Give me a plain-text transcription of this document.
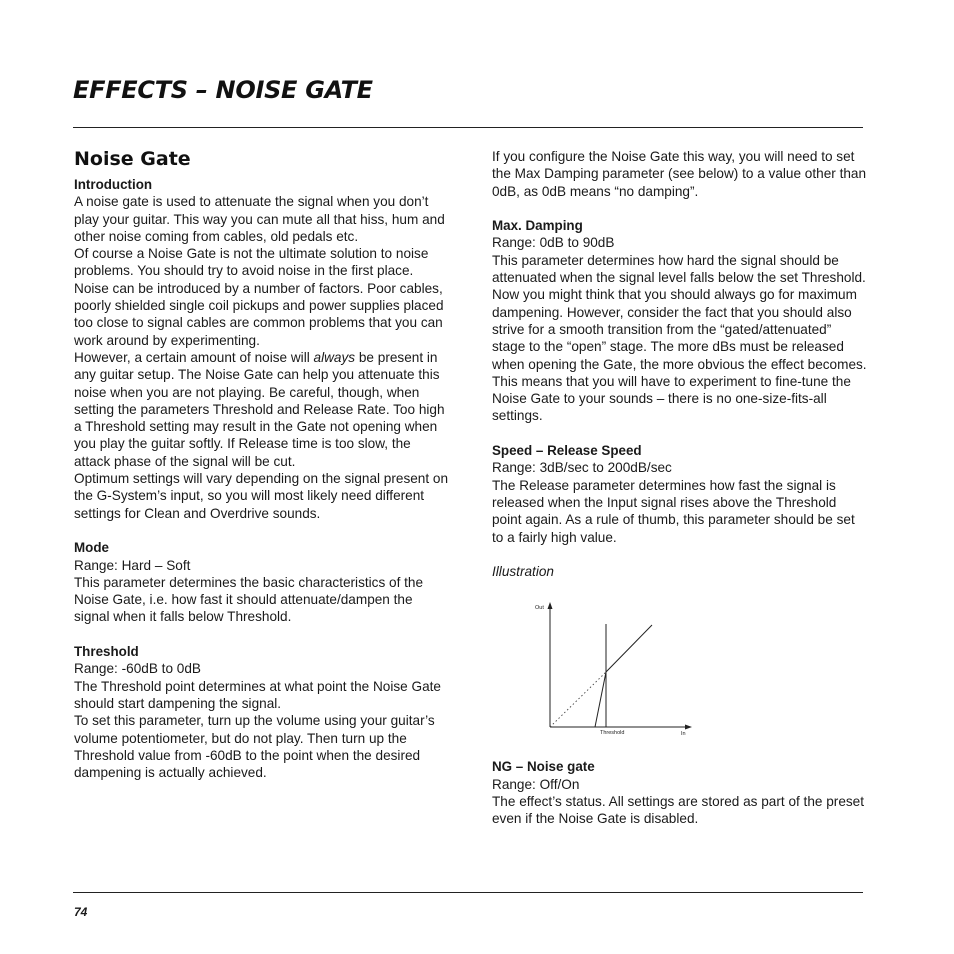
EFFECTS – NOISE GATE
Noise Gate
Introduction
A noise gate is used to attenuate the signal when you don’t play your guitar. This way you can mute all that hiss, hum and other noise coming from cables, old pedals etc.
Of course a Noise Gate is not the ultimate solution to noise problems. You should try to avoid noise in the first place. Noise can be introduced by a number of factors. Poor cables, poorly shielded single coil pickups and power supplies placed too close to signal cables are common problems that you can work around by experimenting.
However, a certain amount of noise will always be present in any guitar setup. The Noise Gate can help you attenuate this noise when you are not playing. Be careful, though, when setting the parameters Threshold and Release Rate. Too high a Threshold setting may result in the Gate not opening when you play the guitar softly. If Release time is too slow, the attack phase of the signal will be cut.
Optimum settings will vary depending on the signal present on the G-System’s input, so you will most likely need different settings for Clean and Overdrive sounds.
Mode
Range: Hard – Soft
This parameter determines the basic characteristics of the Noise Gate, i.e. how fast it should attenuate/dampen the signal when it falls below Threshold.
Threshold
Range: -60dB to 0dB
The Threshold point determines at what point the Noise Gate should start dampening the signal.
To set this parameter, turn up the volume using your guitar’s volume potentiometer, but do not play. Then turn up the Threshold value from -60dB to the point when the desired dampening is actually achieved.
If you configure the Noise Gate this way, you will need to set the Max Damping parameter (see below) to a value other than 0dB, as 0dB means “no damping”.
Max. Damping
Range: 0dB to 90dB
This parameter determines how hard the signal should be attenuated when the signal level falls below the set Threshold.
Now you might think that you should always go for maximum dampening. However, consider the fact that you should also strive for a smooth transition from the “gated/attenuated” stage to the “open” stage. The more dBs must be released when opening the Gate, the more obvious the effect becomes. This means that you will have to experiment to fine-tune the Noise Gate to your sounds – there is no one-size-fits-all settings.
Speed – Release Speed
Range: 3dB/sec to 200dB/sec
The Release parameter determines how fast the signal is released when the Input signal rises above the Threshold point again. As a rule of thumb, this parameter should be set to a fairly high value.
Illustration
Out
Threshold	In
NG – Noise gate
Range: Off/On
The effect’s status. All settings are stored as part of the preset even if the Noise Gate is disabled.
74
